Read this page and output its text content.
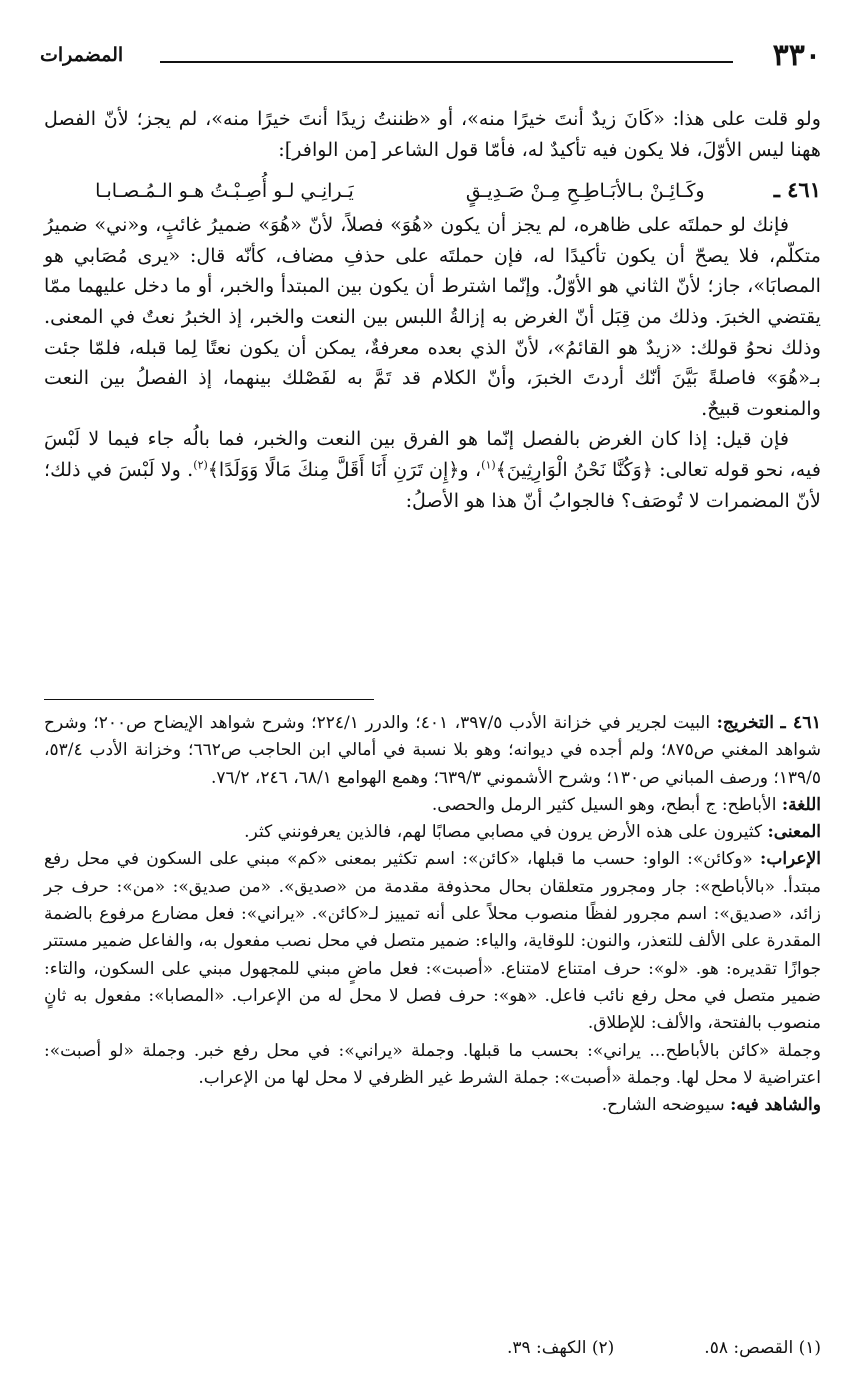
٣٣٠
المضمرات

ولو قلت على هذا: «كَانَ زيدٌ أنتَ خيرًا منه»، أو «ظننتُ زيدًا أنتَ خيرًا منه»، لم يجز؛ لأنّ الفصل ههنا ليس الأوّلَ، فلا يكون فيه تأكيدٌ له، فأمّا قول الشاعر [من الوافر]:

٤٦١ ـ
وكَـائِـنْ بـالأبَـاطِـحِ مِـنْ صَـدِيـقٍ
يَـرانِـي لـو أُصِـبْـتُ هـو الـمُـصـابـا

فإنك لو حملتَه على ظاهره، لم يجز أن يكون «هُوَ» فصلاً، لأنّ «هُوَ» ضميرُ غائبٍ، و«ني» ضميرُ متكلّم، فلا يصحّ أن يكون تأكيدًا له، فإن حملتَه على حذفِ مضاف، كأنّه قال: «يرى مُصَابي هو المصابَا»، جاز؛ لأنّ الثاني هو الأوّلُ. وإنّما اشترط أن يكون بين المبتدأ والخبر، أو ما دخل عليهما ممّا يقتضي الخبرَ. وذلك من قِبَل أنّ الغرض به إزالةُ اللبس بين النعت والخبر، إذ الخبرُ نعتٌ في المعنى. وذلك نحوُ قولك: «زيدٌ هو القائمُ»، لأنّ الذي بعده معرفةٌ، يمكن أن يكون نعتًا لِما قبله، فلمّا جئت بـ«هُوَ» فاصلةً بَيَّنَ أنّك أردتَ الخبرَ، وأنّ الكلام قد تَمَّ به لفَصْلك بينهما، إذ الفصلُ بين النعت والمنعوت قبيحٌ.

فإن قيل: إذا كان الغرض بالفصل إنّما هو الفرق بين النعت والخبر، فما بالُه جاء فيما لا لَبْسَ فيه، نحو قوله تعالى: ﴿وَكُنَّا نَحْنُ الْوَارِثِينَ﴾$^{(١)}$، و﴿إِن تَرَنِ أَنَا أَقَلَّ مِنكَ مَالًا وَوَلَدًا﴾$^{(٢)}$. ولا لَبْسَ في ذلك؛ لأنّ المضمرات لا تُوصَف؟ فالجوابُ أنّ هذا هو الأصلُ:

٤٦١ ـ التخريج: البيت لجرير في خزانة الأدب ٣٩٧/٥، ٤٠١؛ والدرر ٢٢٤/١؛ وشرح شواهد الإيضاح ص٢٠٠؛ وشرح شواهد المغني ص٨٧٥؛ ولم أجده في ديوانه؛ وهو بلا نسبة في أمالي ابن الحاجب ص٦٦٢؛ وخزانة الأدب ٥٣/٤، ١٣٩/٥؛ ورصف المباني ص١٣٠؛ وشرح الأشموني ٦٣٩/٣؛ وهمع الهوامع ٦٨/١، ٢٤٦، ٧٦/٢.

اللغة: الأباطح: ج أبطح، وهو السيل كثير الرمل والحصى.

المعنى: كثيرون على هذه الأرض يرون في مصابي مصابًا لهم، فالذين يعرفونني كثر.

الإعراب: «وكائن»: الواو: حسب ما قبلها، «كائن»: اسم تكثير بمعنى «كم» مبني على السكون في محل رفع مبتدأ. «بالأباطح»: جار ومجرور متعلقان بحال محذوفة مقدمة من «صديق». «من صديق»: «من»: حرف جر زائد، «صديق»: اسم مجرور لفظًا منصوب محلاً على أنه تمييز لـ«كائن». «يراني»: فعل مضارع مرفوع بالضمة المقدرة على الألف للتعذر، والنون: للوقاية، والياء: ضمير متصل في محل نصب مفعول به، والفاعل ضمير مستتر جوازًا تقديره: هو. «لو»: حرف امتناع لامتناع. «أصبت»: فعل ماضٍ مبني للمجهول مبني على السكون، والتاء: ضمير متصل في محل رفع نائب فاعل. «هو»: حرف فصل لا محل له من الإعراب. «المصابا»: مفعول به ثانٍ منصوب بالفتحة، والألف: للإطلاق.

وجملة «كائن بالأباطح... يراني»: بحسب ما قبلها. وجملة «يراني»: في محل رفع خبر. وجملة «لو أصبت»: اعتراضية لا محل لها. وجملة «أصبت»: جملة الشرط غير الظرفي لا محل لها من الإعراب.

والشاهد فيه: سيوضحه الشارح.

(١) القصص: ٥٨.(٢) الكهف: ٣٩.
